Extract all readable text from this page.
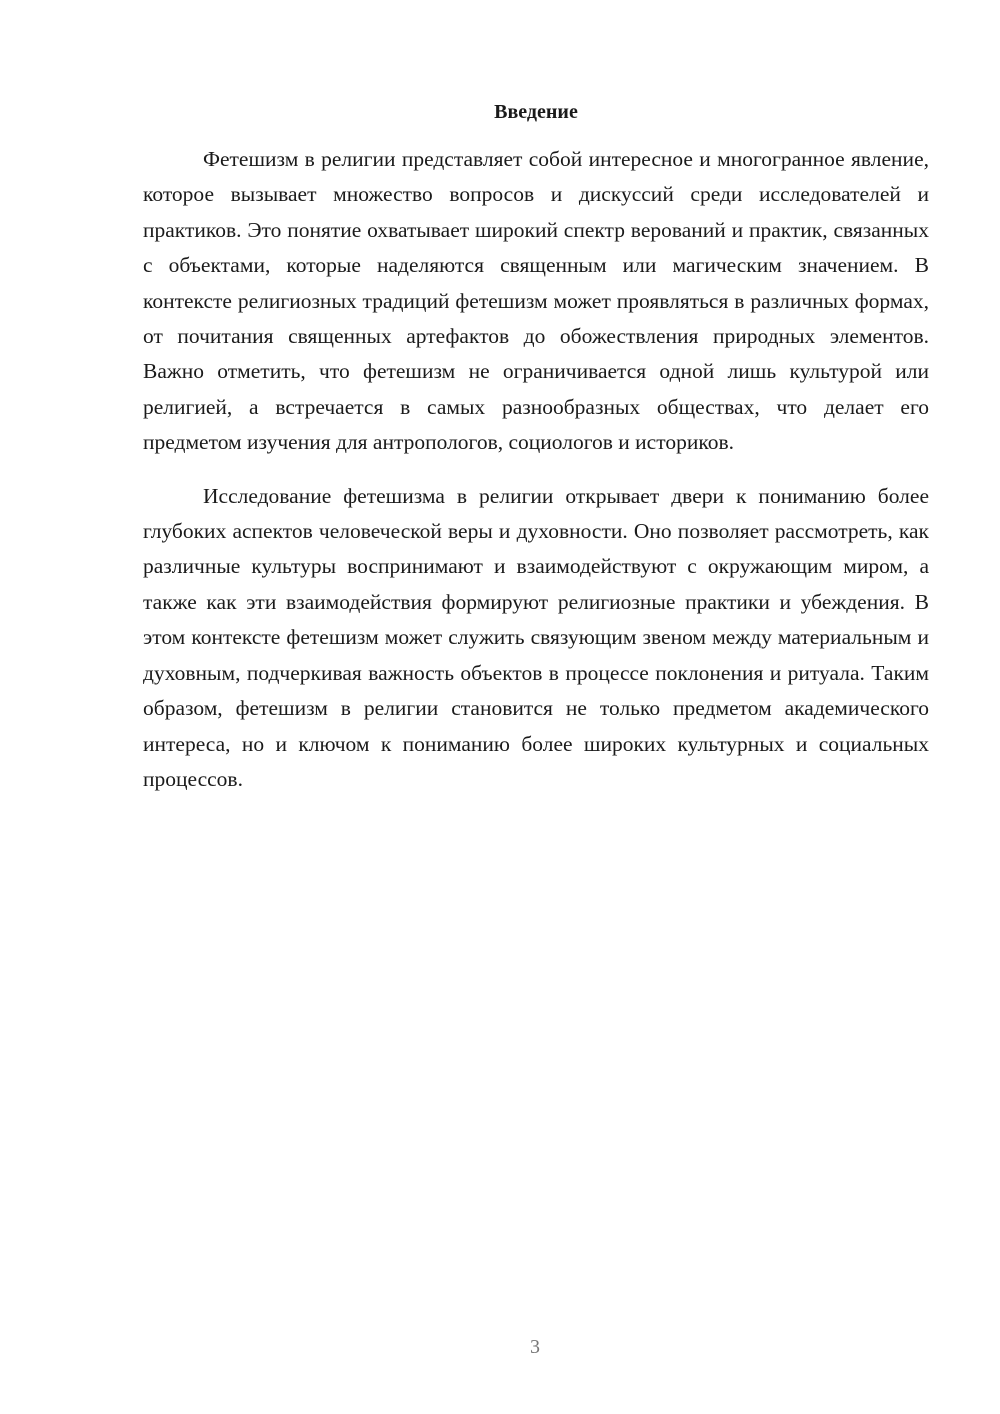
Введение

Фетешизм в религии представляет собой интересное и многогранное явление, которое вызывает множество вопросов и дискуссий среди исследователей и практиков. Это понятие охватывает широкий спектр верований и практик, связанных с объектами, которые наделяются священным или магическим значением. В контексте религиозных традиций фетешизм может проявляться в различных формах, от почитания священных артефактов до обожествления природных элементов. Важно отметить, что фетешизм не ограничивается одной лишь культурой или религией, а встречается в самых разнообразных обществах, что делает его предметом изучения для антропологов, социологов и историков.

Исследование фетешизма в религии открывает двери к пониманию более глубоких аспектов человеческой веры и духовности. Оно позволяет рассмотреть, как различные культуры воспринимают и взаимодействуют с окружающим миром, а также как эти взаимодействия формируют религиозные практики и убеждения. В этом контексте фетешизм может служить связующим звеном между материальным и духовным, подчеркивая важность объектов в процессе поклонения и ритуала. Таким образом, фетешизм в религии становится не только предметом академического интереса, но и ключом к пониманию более широких культурных и социальных процессов.

3
